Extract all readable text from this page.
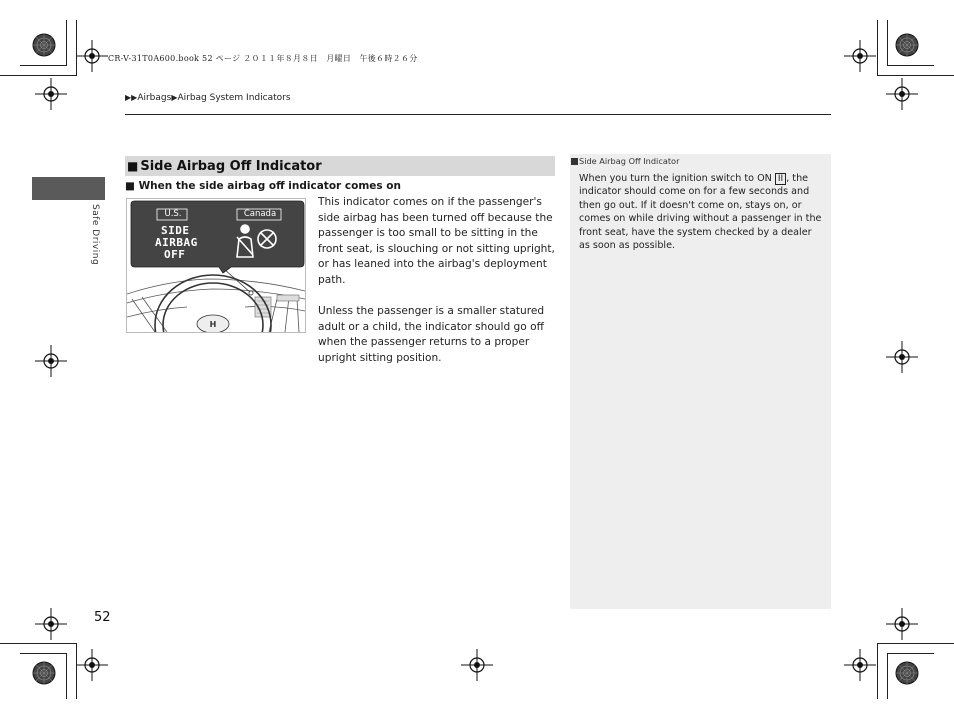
CR-V-31T0A600.book 52 ページ ２０１１年８月８日　月曜日　午後６時２６分
▶▶Airbags▶Airbag System Indicators
Safe Driving
■ Side Airbag Off Indicator
■ When the side airbag off indicator comes on
H
U.S.	Canada
SIDE
AIRBAG
OFF

This indicator comes on if the passenger's side airbag has been turned off because the passenger is too small to be sitting in the front seat, is slouching or not sitting upright, or has leaned into the airbag's deployment path.

Unless the passenger is a smaller statured adult or a child, the indicator should go off when the passenger returns to a proper upright sitting position.

Side Airbag Off Indicator
When you turn the ignition switch to ON II , the indicator should come on for a few seconds and then go out. If it doesn't come on, stays on, or comes on while driving without a passenger in the front seat, have the system checked by a dealer as soon as possible.
52
